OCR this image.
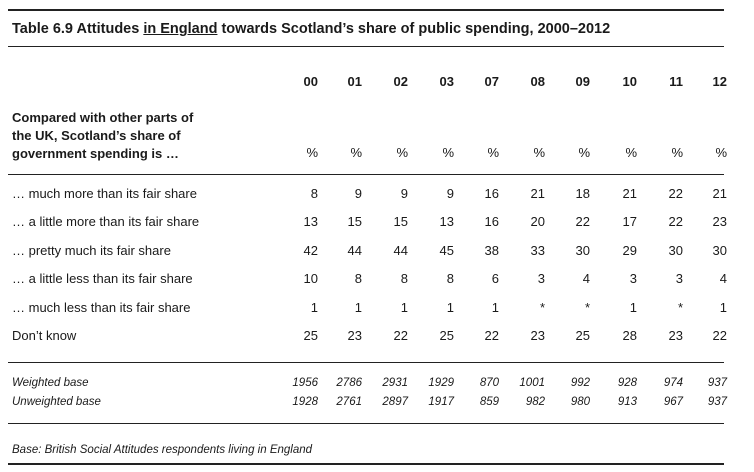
Table 6.9 Attitudes in England towards Scotland’s share of public spending, 2000–2012
00	01	02	03	07	08	09	10	11	12
Compared with other parts of
the UK, Scotland’s share of
government spending is …	%	%	%	%	%	%	%	%	%	%
… much more than its fair share	8	9	9	9	16	21	18	21	22	21
… a little more than its fair share	13	15	15	13	16	20	22	17	22	23
… pretty much its fair share	42	44	44	45	38	33	30	29	30	30
… a little less than its fair share	10	8	8	8	6	3	4	3	3	4
… much less than its fair share	1	1	1	1	1	*	*	1	*	1
Don’t know	25	23	22	25	22	23	25	28	23	22
Weighted base	1956	2786	2931	1929	870	1001	992	928	974	937
Unweighted base	1928	2761	2897	1917	859	982	980	913	967	937
Base: British Social Attitudes respondents living in England
